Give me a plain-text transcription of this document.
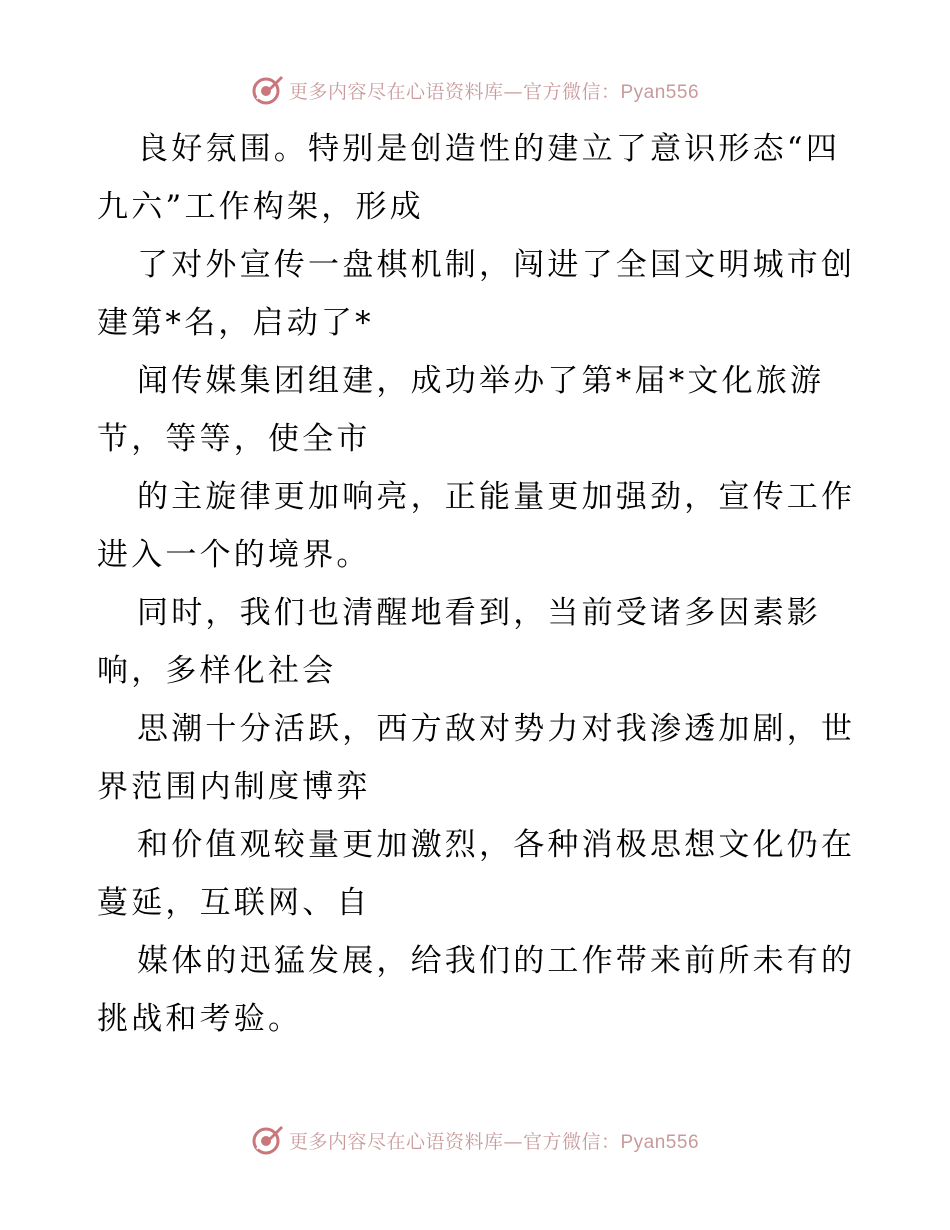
更多内容尽在心语资料库—官方微信：Pyan556

良好氛围。特别是创造性的建立了意识形态“四
九六”工作构架，形成

了对外宣传一盘棋机制，闯进了全国文明城市创
建第*名，启动了*

闻传媒集团组建，成功举办了第*届*文化旅游
节，等等，使全市

的主旋律更加响亮，正能量更加强劲，宣传工作
进入一个的境界。

同时，我们也清醒地看到，当前受诸多因素影
响，多样化社会

思潮十分活跃，西方敌对势力对我渗透加剧，世
界范围内制度博弈

和价值观较量更加激烈，各种消极思想文化仍在
蔓延，互联网、自

媒体的迅猛发展，给我们的工作带来前所未有的
挑战和考验。

更多内容尽在心语资料库—官方微信：Pyan556
